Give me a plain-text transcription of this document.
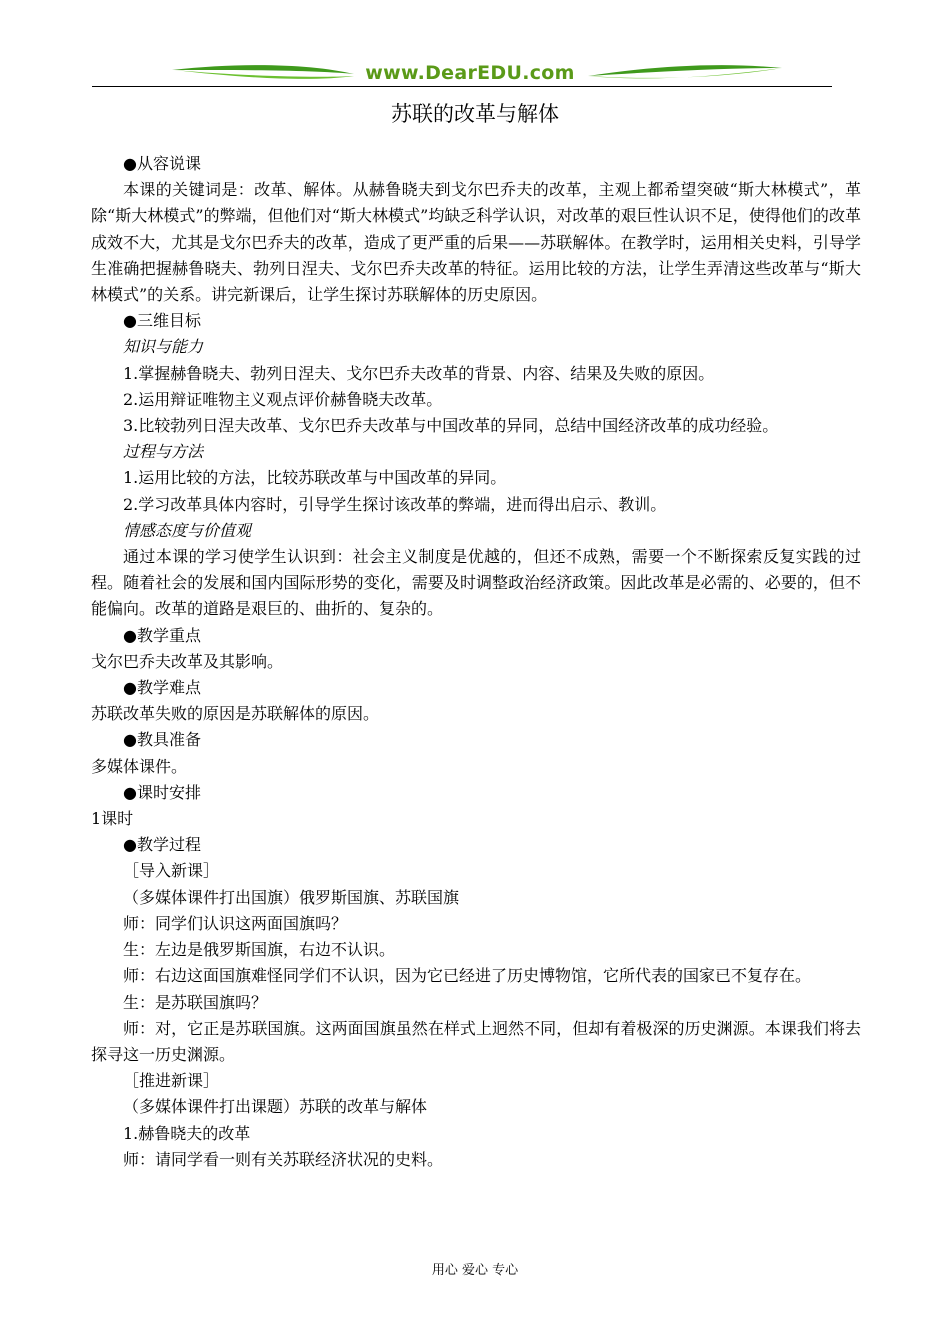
www.DearEDU.com
苏联的改革与解体

●从容说课

本课的关键词是：改革、解体。从赫鲁晓夫到戈尔巴乔夫的改革，主观上都希望突破“斯大林模式”，革除“斯大林模式”的弊端，但他们对“斯大林模式”均缺乏科学认识，对改革的艰巨性认识不足，使得他们的改革成效不大，尤其是戈尔巴乔夫的改革，造成了更严重的后果——苏联解体。在教学时，运用相关史料，引导学生准确把握赫鲁晓夫、勃列日涅夫、戈尔巴乔夫改革的特征。运用比较的方法，让学生弄清这些改革与“斯大林模式”的关系。讲完新课后，让学生探讨苏联解体的历史原因。

●三维目标

知识与能力

1.掌握赫鲁晓夫、勃列日涅夫、戈尔巴乔夫改革的背景、内容、结果及失败的原因。

2.运用辩证唯物主义观点评价赫鲁晓夫改革。

3.比较勃列日涅夫改革、戈尔巴乔夫改革与中国改革的异同，总结中国经济改革的成功经验。

过程与方法

1.运用比较的方法，比较苏联改革与中国改革的异同。

2.学习改革具体内容时，引导学生探讨该改革的弊端，进而得出启示、教训。

情感态度与价值观

通过本课的学习使学生认识到：社会主义制度是优越的，但还不成熟，需要一个不断探索反复实践的过程。随着社会的发展和国内国际形势的变化，需要及时调整政治经济政策。因此改革是必需的、必要的，但不能偏向。改革的道路是艰巨的、曲折的、复杂的。

●教学重点

戈尔巴乔夫改革及其影响。

●教学难点

苏联改革失败的原因是苏联解体的原因。

●教具准备

多媒体课件。

●课时安排

1课时

●教学过程

［导入新课］

（多媒体课件打出国旗）俄罗斯国旗、苏联国旗

师：同学们认识这两面国旗吗？

生：左边是俄罗斯国旗，右边不认识。

师：右边这面国旗难怪同学们不认识，因为它已经进了历史博物馆，它所代表的国家已不复存在。

生：是苏联国旗吗？

师：对，它正是苏联国旗。这两面国旗虽然在样式上迥然不同，但却有着极深的历史渊源。本课我们将去探寻这一历史渊源。

［推进新课］

（多媒体课件打出课题）苏联的改革与解体

1.赫鲁晓夫的改革

师：请同学看一则有关苏联经济状况的史料。

用心 爱心 专心
